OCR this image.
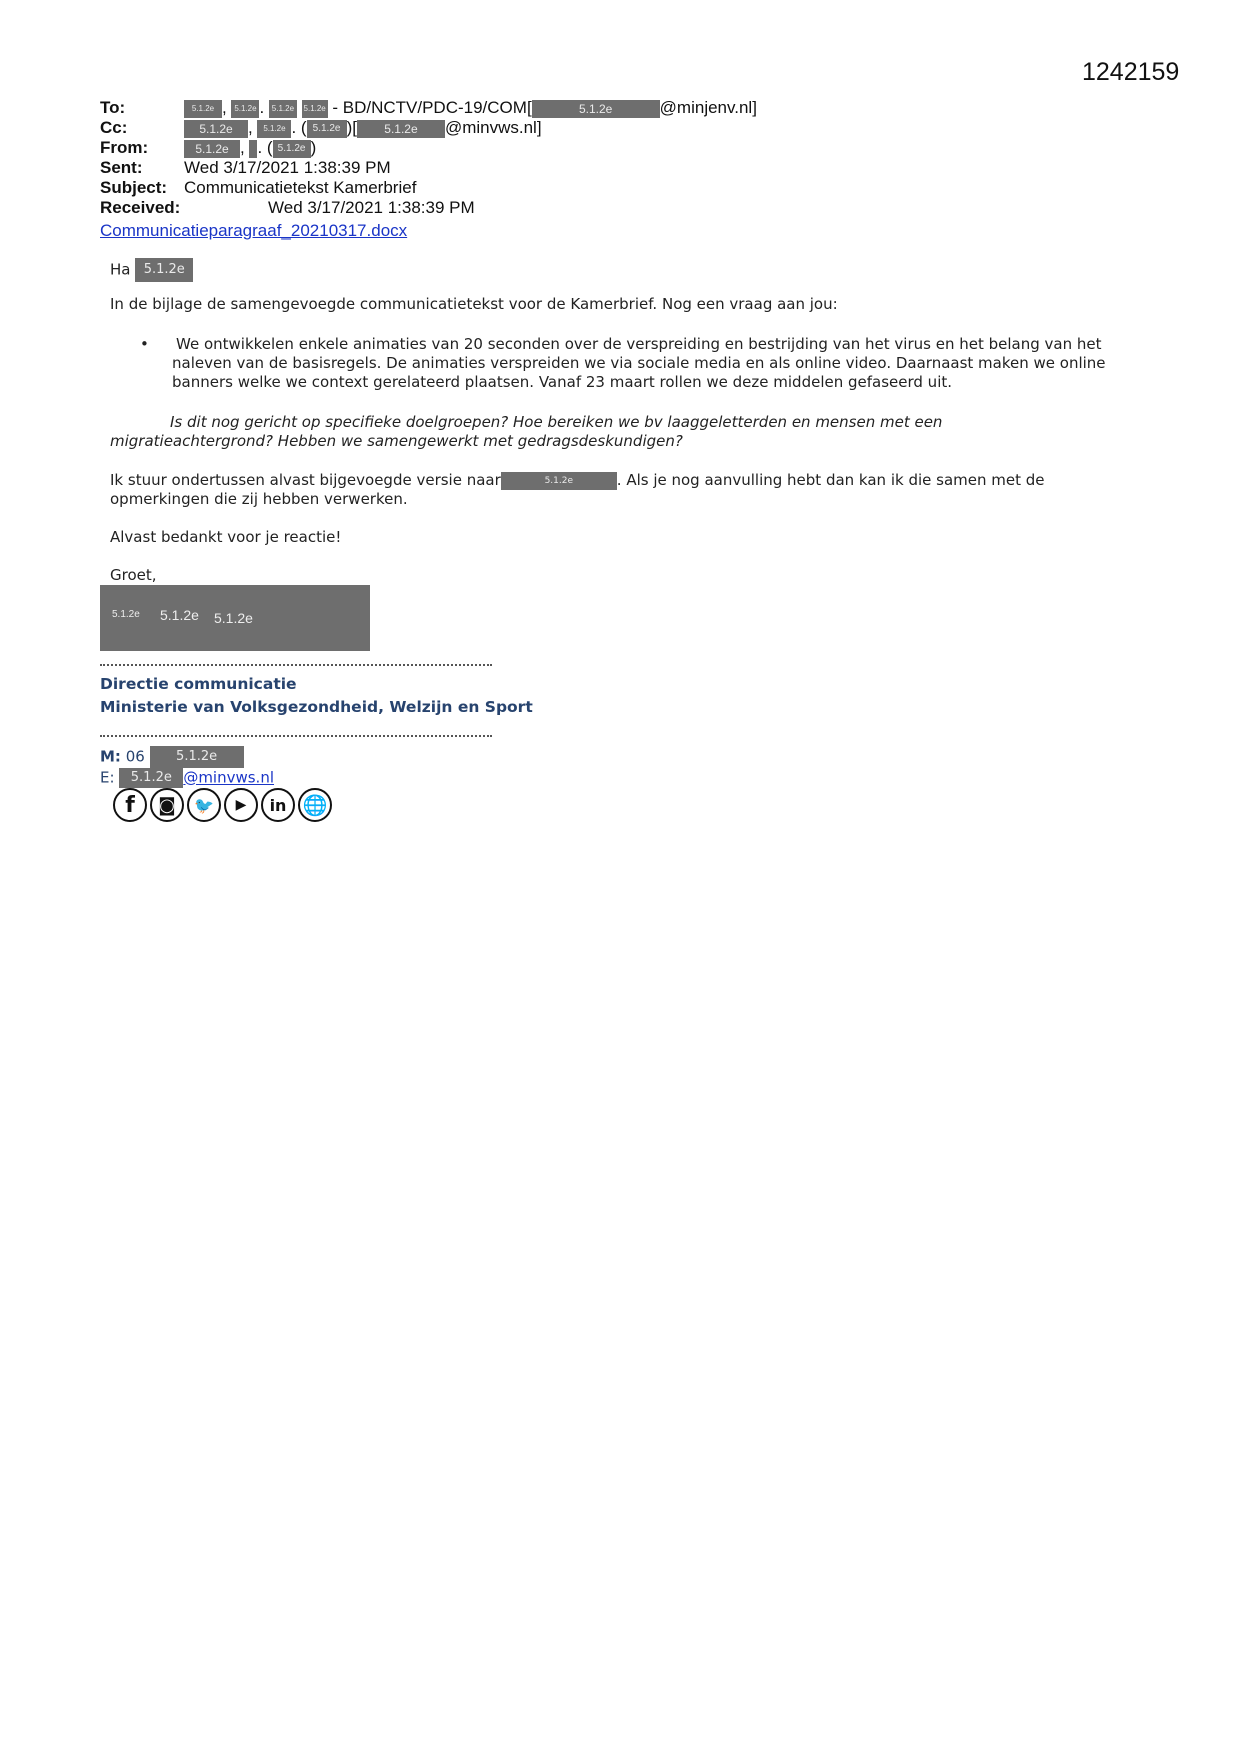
1242159
To:	5.1.2e , 5.1.2e . 5.1.2e 5.1.2e - BD/NCTV/PDC-19/COM[	5.1.2e	@minjenv.nl]
Cc:	5.1.2e , 5.1.2e . ( 5.1.2e )[ 5.1.2e @minvws.nl]
From:	5.1.2e , . ( 5.1.2e )
Sent: Wed 3/17/2021 1:38:39 PM
Subject: Communicatietekst Kamerbrief
Received:	Wed 3/17/2021 1:38:39 PM
Communicatieparagraaf_20210317.docx

Ha 5.1.2e

In de bijlage de samengevoegde communicatietekst voor de Kamerbrief. Nog een vraag aan jou:

• We ontwikkelen enkele animaties van 20 seconden over de verspreiding en bestrijding van het virus en het belang van het naleven van de basisregels. De animaties verspreiden we via sociale media en als online video. Daarnaast maken we online banners welke we context gerelateerd plaatsen. Vanaf 23 maart rollen we deze middelen gefaseerd uit.

Is dit nog gericht op specifieke doelgroepen? Hoe bereiken we bv laaggeletterden en mensen met een

migratieachtergrond? Hebben we samengewerkt met gedragsdeskundigen?

Ik stuur ondertussen alvast bijgevoegde versie naar	5.1.2e	. Als je nog aanvulling hebt dan kan ik die samen met de

opmerkingen die zij hebben verwerken.

Alvast bedankt voor je reactie!

Groet,

5.1.2e 5.1.2e 5.1.2e
Directie communicatie
Ministerie van Volksgezondheid, Welzijn en Sport
M: 06 5.1.2e
E: 5.1.2e @minvws.nl
f	◙	🐦	▶	in 🌐
